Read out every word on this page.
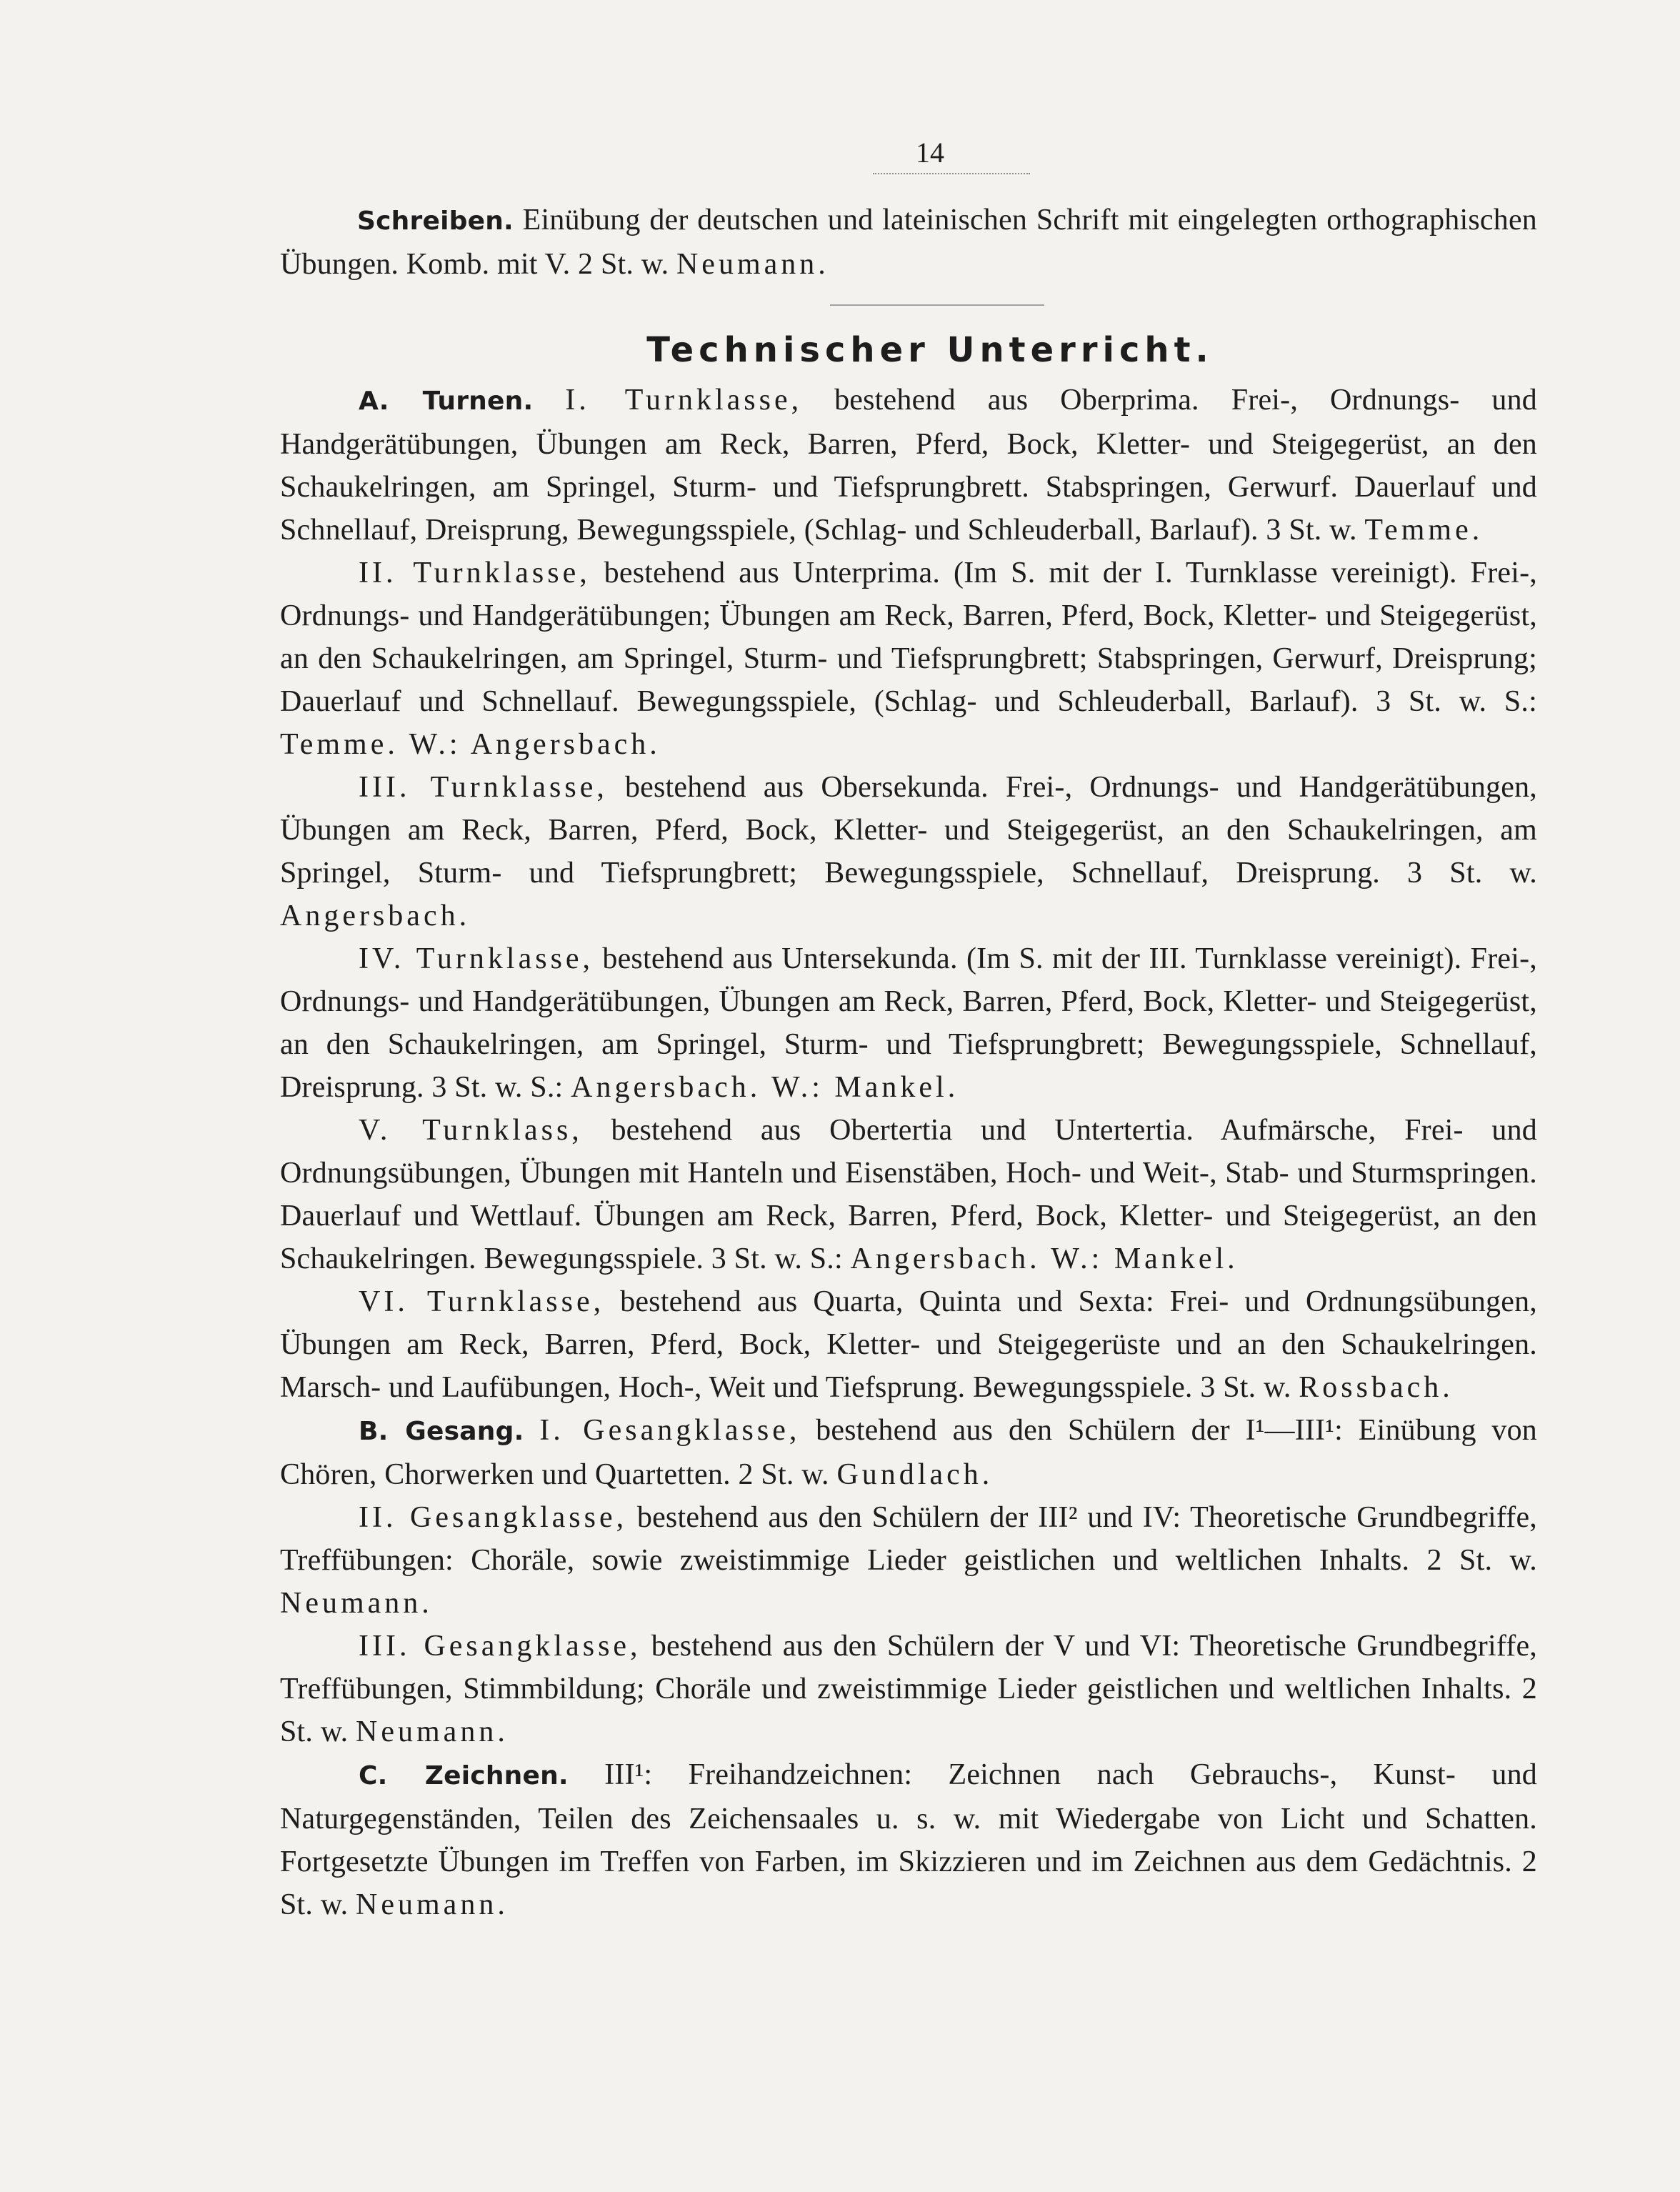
14

Schreiben. Einübung der deutschen und lateinischen Schrift mit eingelegten orthographischen Übungen. Komb. mit V. 2 St. w. Neumann.

Technischer Unterricht.

A. Turnen. I. Turnklasse, bestehend aus Oberprima. Frei-, Ordnungs- und Handgerätübungen, Übungen am Reck, Barren, Pferd, Bock, Kletter- und Steigegerüst, an den Schaukelringen, am Springel, Sturm- und Tiefsprungbrett. Stabspringen, Gerwurf. Dauerlauf und Schnellauf, Dreisprung, Bewegungsspiele, (Schlag- und Schleuderball, Barlauf). 3 St. w. Temme.

II. Turnklasse, bestehend aus Unterprima. (Im S. mit der I. Turnklasse vereinigt). Frei-, Ordnungs- und Handgerätübungen; Übungen am Reck, Barren, Pferd, Bock, Kletter- und Steigegerüst, an den Schaukelringen, am Springel, Sturm- und Tiefsprungbrett; Stabspringen, Gerwurf, Dreisprung; Dauerlauf und Schnellauf. Bewegungsspiele, (Schlag- und Schleuderball, Barlauf). 3 St. w. S.: Temme. W.: Angersbach.

III. Turnklasse, bestehend aus Obersekunda. Frei-, Ordnungs- und Handgerätübungen, Übungen am Reck, Barren, Pferd, Bock, Kletter- und Steigegerüst, an den Schaukelringen, am Springel, Sturm- und Tiefsprungbrett; Bewegungsspiele, Schnellauf, Dreisprung. 3 St. w. Angersbach.

IV. Turnklasse, bestehend aus Untersekunda. (Im S. mit der III. Turnklasse vereinigt). Frei-, Ordnungs- und Handgerätübungen, Übungen am Reck, Barren, Pferd, Bock, Kletter- und Steigegerüst, an den Schaukelringen, am Springel, Sturm- und Tiefsprungbrett; Bewegungsspiele, Schnellauf, Dreisprung. 3 St. w. S.: Angersbach. W.: Mankel.

V. Turnklass, bestehend aus Obertertia und Untertertia. Aufmärsche, Frei- und Ordnungsübungen, Übungen mit Hanteln und Eisenstäben, Hoch- und Weit-, Stab- und Sturmspringen. Dauerlauf und Wettlauf. Übungen am Reck, Barren, Pferd, Bock, Kletter- und Steigegerüst, an den Schaukelringen. Bewegungsspiele. 3 St. w. S.: Angersbach. W.: Mankel.

VI. Turnklasse, bestehend aus Quarta, Quinta und Sexta: Frei- und Ordnungsübungen, Übungen am Reck, Barren, Pferd, Bock, Kletter- und Steigegerüste und an den Schaukelringen. Marsch- und Laufübungen, Hoch-, Weit und Tiefsprung. Bewegungsspiele. 3 St. w. Rossbach.

B. Gesang. I. Gesangklasse, bestehend aus den Schülern der I¹—III¹: Einübung von Chören, Chorwerken und Quartetten. 2 St. w. Gundlach.

II. Gesangklasse, bestehend aus den Schülern der III² und IV: Theoretische Grundbegriffe, Treffübungen: Choräle, sowie zweistimmige Lieder geistlichen und weltlichen Inhalts. 2 St. w. Neumann.

III. Gesangklasse, bestehend aus den Schülern der V und VI: Theoretische Grundbegriffe, Treffübungen, Stimmbildung; Choräle und zweistimmige Lieder geistlichen und weltlichen Inhalts. 2 St. w. Neumann.

C. Zeichnen. III¹: Freihandzeichnen: Zeichnen nach Gebrauchs-, Kunst- und Naturgegenständen, Teilen des Zeichensaales u. s. w. mit Wiedergabe von Licht und Schatten. Fortgesetzte Übungen im Treffen von Farben, im Skizzieren und im Zeichnen aus dem Gedächtnis. 2 St. w. Neumann.
